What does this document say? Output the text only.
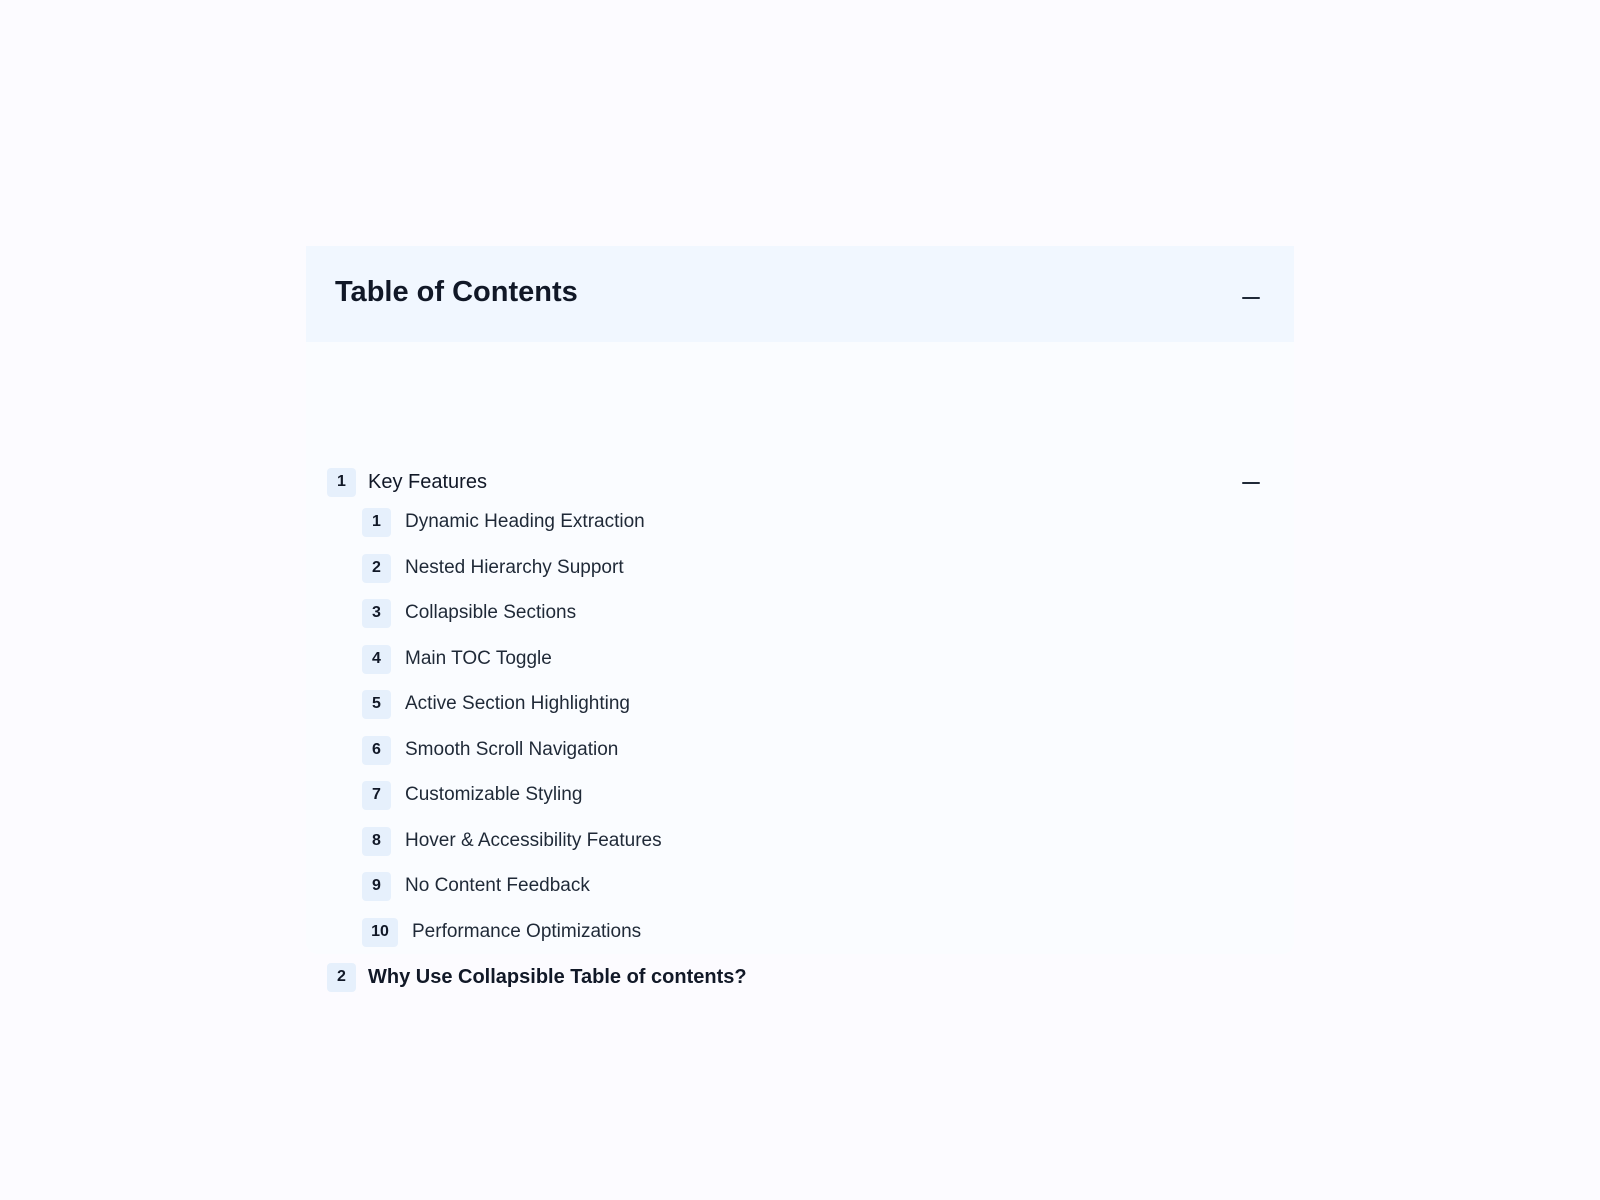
Table of Contents
1	Key Features
1	Dynamic Heading Extraction
2	Nested Hierarchy Support
3	Collapsible Sections
4	Main TOC Toggle
5	Active Section Highlighting
6	Smooth Scroll Navigation
7	Customizable Styling
8	Hover & Accessibility Features
9	No Content Feedback
10	Performance Optimizations
2	Why Use Collapsible Table of contents?
